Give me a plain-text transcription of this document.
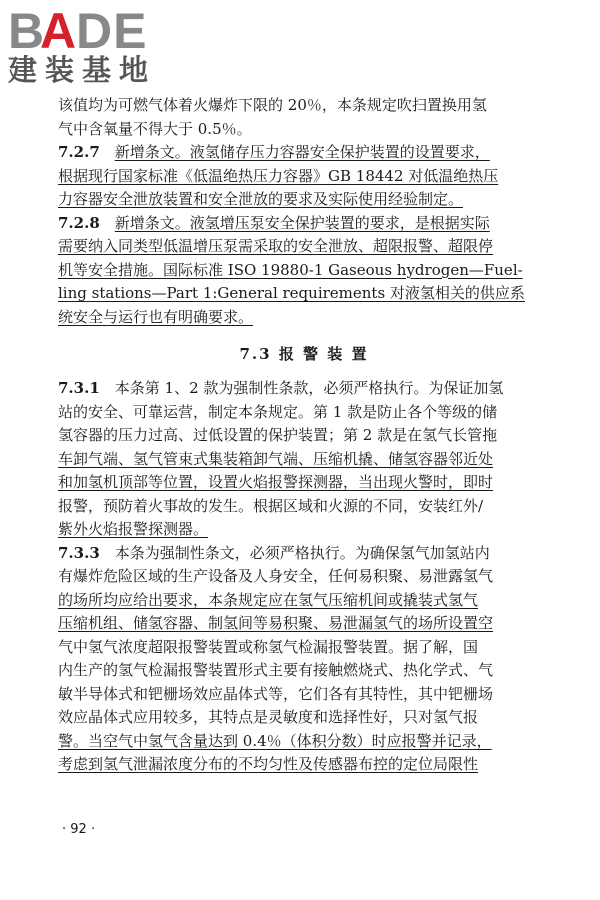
B
A
DE
建装基地
该值均为可燃气体着火爆炸下限的 20％，本条规定吹扫置换用氢
气中含氧量不得大于 0.5％。
7.2.7　 新增条文。液氢储存压力容器安全保护装置的设置要求，
根据现行国家标准《低温绝热压力容器》GB 18442 对低温绝热压
力容器安全泄放装置和安全泄放的要求及实际使用经验制定。
7.2.8　 新增条文。液氢增压泵安全保护装置的要求，是根据实际
需要纳入同类型低温增压泵需采取的安全泄放、超限报警、超限停
机等安全措施。国际标准 ISO 19880-1 Gaseous hydrogen—Fuel-
ling stations—Part 1:General requirements 对液氢相关的供应系
统安全与运行也有明确要求。
7.3 报 警 装 置
7.3.1　 本条第 1、2 款为强制性条款，必须严格执行。为保证加氢
站的安全、可靠运营，制定本条规定。第 1 款是防止各个等级的储
氢容器的压力过高、过低设置的保护装置；第 2 款是在氢气长管拖
车卸气端、氢气管束式集装箱卸气端、压缩机撬、储氢容器邻近处
和加氢机顶部等位置，设置火焰报警探测器，当出现火警时，即时
报警，预防着火事故的发生。根据区域和火源的不同，安装红外/
紫外火焰报警探测器。
7.3.3　 本条为强制性条文，必须严格执行。为确保氢气加氢站内
有爆炸危险区域的生产设备及人身安全，任何易积聚、易泄露氢气
的场所均应给出要求，本条规定应在氢气压缩机间或撬装式氢气
压缩机组、储氢容器、制氢间等易积聚、易泄漏氢气的场所设置空
气中氢气浓度超限报警装置或称氢气检漏报警装置。据了解，国
内生产的氢气检漏报警装置形式主要有接触燃烧式、热化学式、气
敏半导体式和钯栅场效应晶体式等，它们各有其特性，其中钯栅场
效应晶体式应用较多，其特点是灵敏度和选择性好，只对氢气报
警。当空气中氢气含量达到 0.4％（体积分数）时应报警并记录，
考虑到氢气泄漏浓度分布的不均匀性及传感器布控的定位局限性
· 92 ·
